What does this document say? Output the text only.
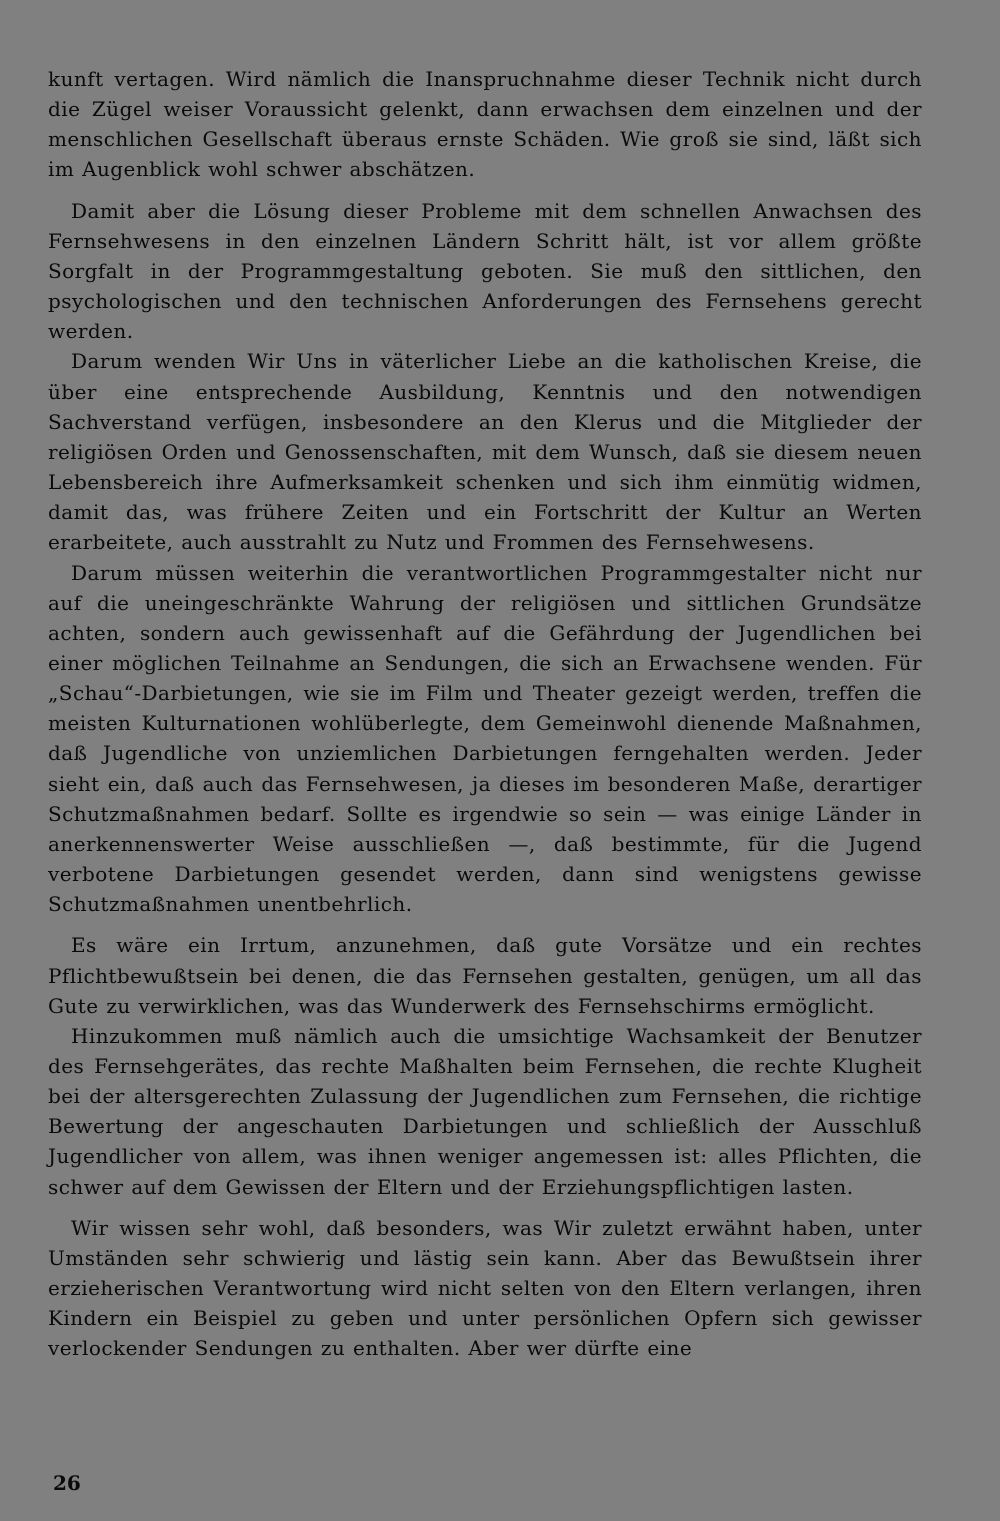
kunft vertagen. Wird nämlich die Inanspruchnahme dieser Technik nicht durch die Zügel weiser Voraussicht gelenkt, dann erwachsen dem einzelnen und der menschlichen Gesellschaft überaus ernste Schäden. Wie groß sie sind, läßt sich im Augenblick wohl schwer abschätzen.

Damit aber die Lösung dieser Probleme mit dem schnellen Anwachsen des Fernsehwesens in den einzelnen Ländern Schritt hält, ist vor allem größte Sorgfalt in der Programmgestaltung geboten. Sie muß den sittlichen, den psychologischen und den technischen Anforderungen des Fernsehens gerecht werden.

Darum wenden Wir Uns in väterlicher Liebe an die katholischen Kreise, die über eine entsprechende Ausbildung, Kenntnis und den notwendigen Sachverstand verfügen, insbesondere an den Klerus und die Mitglieder der religiösen Orden und Genossenschaften, mit dem Wunsch, daß sie diesem neuen Lebensbereich ihre Aufmerksamkeit schenken und sich ihm einmütig widmen, damit das, was frühere Zeiten und ein Fortschritt der Kultur an Werten erarbeitete, auch ausstrahlt zu Nutz und Frommen des Fernsehwesens.

Darum müssen weiterhin die verantwortlichen Programmgestalter nicht nur auf die uneingeschränkte Wahrung der religiösen und sittlichen Grundsätze achten, sondern auch gewissenhaft auf die Gefährdung der Jugendlichen bei einer möglichen Teilnahme an Sendungen, die sich an Erwachsene wenden. Für „Schau“-Darbietungen, wie sie im Film und Theater gezeigt werden, treffen die meisten Kulturnationen wohlüberlegte, dem Gemeinwohl dienende Maßnahmen, daß Jugendliche von unziemlichen Darbietungen ferngehalten werden. Jeder sieht ein, daß auch das Fernsehwesen, ja dieses im besonderen Maße, derartiger Schutzmaßnahmen bedarf. Sollte es irgendwie so sein — was einige Länder in anerkennenswerter Weise ausschließen —, daß bestimmte, für die Jugend verbotene Darbietungen gesendet werden, dann sind wenigstens gewisse Schutzmaßnahmen unentbehrlich.

Es wäre ein Irrtum, anzunehmen, daß gute Vorsätze und ein rechtes Pflichtbewußtsein bei denen, die das Fernsehen gestalten, genügen, um all das Gute zu verwirklichen, was das Wunderwerk des Fernsehschirms ermöglicht.

Hinzukommen muß nämlich auch die umsichtige Wachsamkeit der Benutzer des Fernsehgerätes, das rechte Maßhalten beim Fernsehen, die rechte Klugheit bei der altersgerechten Zulassung der Jugendlichen zum Fernsehen, die richtige Bewertung der angeschauten Darbietungen und schließlich der Ausschluß Jugendlicher von allem, was ihnen weniger angemessen ist: alles Pflichten, die schwer auf dem Gewissen der Eltern und der Erziehungspflichtigen lasten.

Wir wissen sehr wohl, daß besonders, was Wir zuletzt erwähnt haben, unter Umständen sehr schwierig und lästig sein kann. Aber das Bewußtsein ihrer erzieherischen Verantwortung wird nicht selten von den Eltern verlangen, ihren Kindern ein Beispiel zu geben und unter persönlichen Opfern sich gewisser verlockender Sendungen zu enthalten. Aber wer dürfte eine

26
